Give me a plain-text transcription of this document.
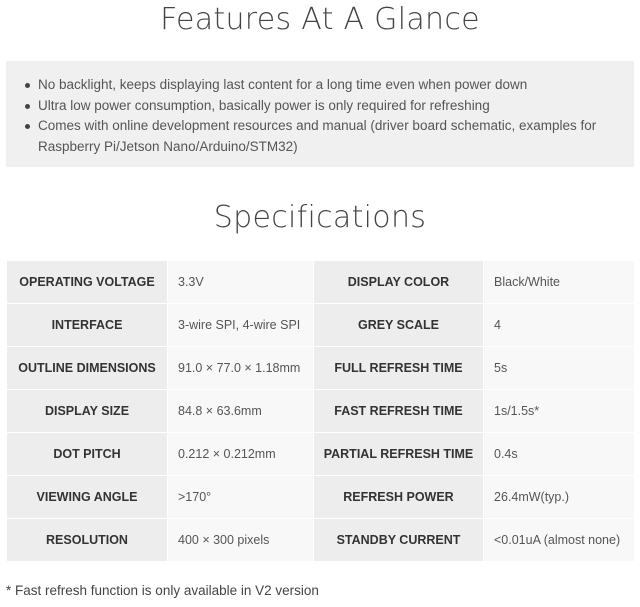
Features At A Glance
No backlight, keeps displaying last content for a long time even when power down
Ultra low power consumption, basically power is only required for refreshing
Comes with online development resources and manual (driver board schematic, examples for Raspberry Pi/Jetson Nano/Arduino/STM32)
Specifications
OPERATING VOLTAGE	3.3V	DISPLAY COLOR	Black/White
INTERFACE	3-wire SPI, 4-wire SPI	GREY SCALE	4
OUTLINE DIMENSIONS	91.0 × 77.0 × 1.18mm	FULL REFRESH TIME	5s
DISPLAY SIZE	84.8 × 63.6mm	FAST REFRESH TIME	1s/1.5s*
DOT PITCH	0.212 × 0.212mm	PARTIAL REFRESH TIME	0.4s
VIEWING ANGLE	>170°	REFRESH POWER	26.4mW(typ.)
RESOLUTION	400 × 300 pixels	STANDBY CURRENT	<0.01uA (almost none)
* Fast refresh function is only available in V2 version
